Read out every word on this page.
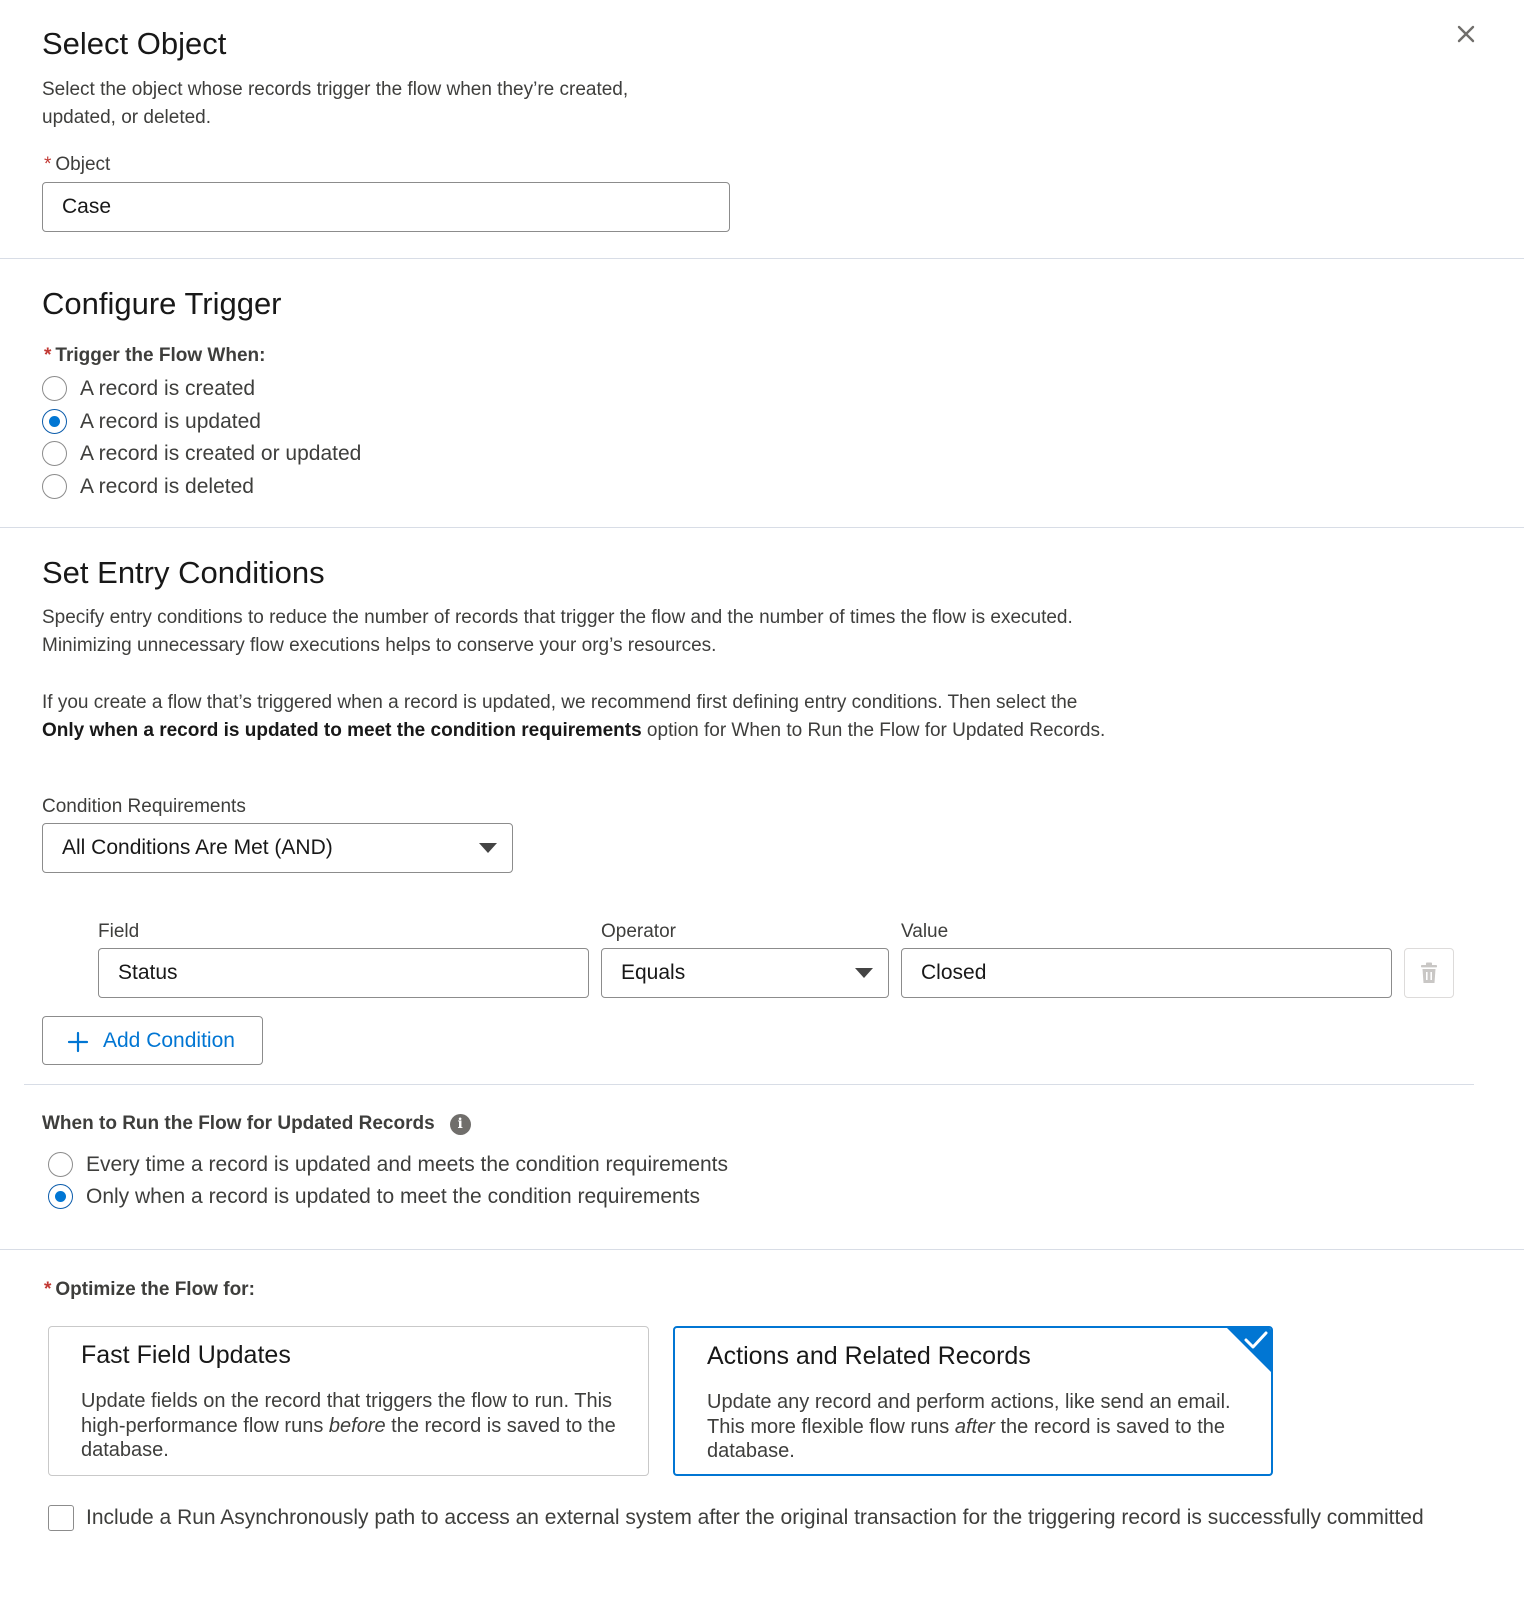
Select Object
Select the object whose records trigger the flow when they’re created, updated, or deleted.
* Object
Case
Configure Trigger
* Trigger the Flow When:
A record is created
A record is updated
A record is created or updated
A record is deleted
Set Entry Conditions
Specify entry conditions to reduce the number of records that trigger the flow and the number of times the flow is executed. Minimizing unnecessary flow executions helps to conserve your org’s resources.
If you create a flow that’s triggered when a record is updated, we recommend first defining entry conditions. Then select the Only when a record is updated to meet the condition requirements option for When to Run the Flow for Updated Records.
Condition Requirements
All Conditions Are Met (AND)
Field	Operator	Value
Status	Equals	Closed
Add Condition
When to Run the Flow for Updated Records	i
Every time a record is updated and meets the condition requirements
Only when a record is updated to meet the condition requirements
* Optimize the Flow for:
Fast Field Updates
Update fields on the record that triggers the flow to run. This high-performance flow runs before the record is saved to the database.
Actions and Related Records
Update any record and perform actions, like send an email. This more flexible flow runs after the record is saved to the database.
Include a Run Asynchronously path to access an external system after the original transaction for the triggering record is successfully committed
